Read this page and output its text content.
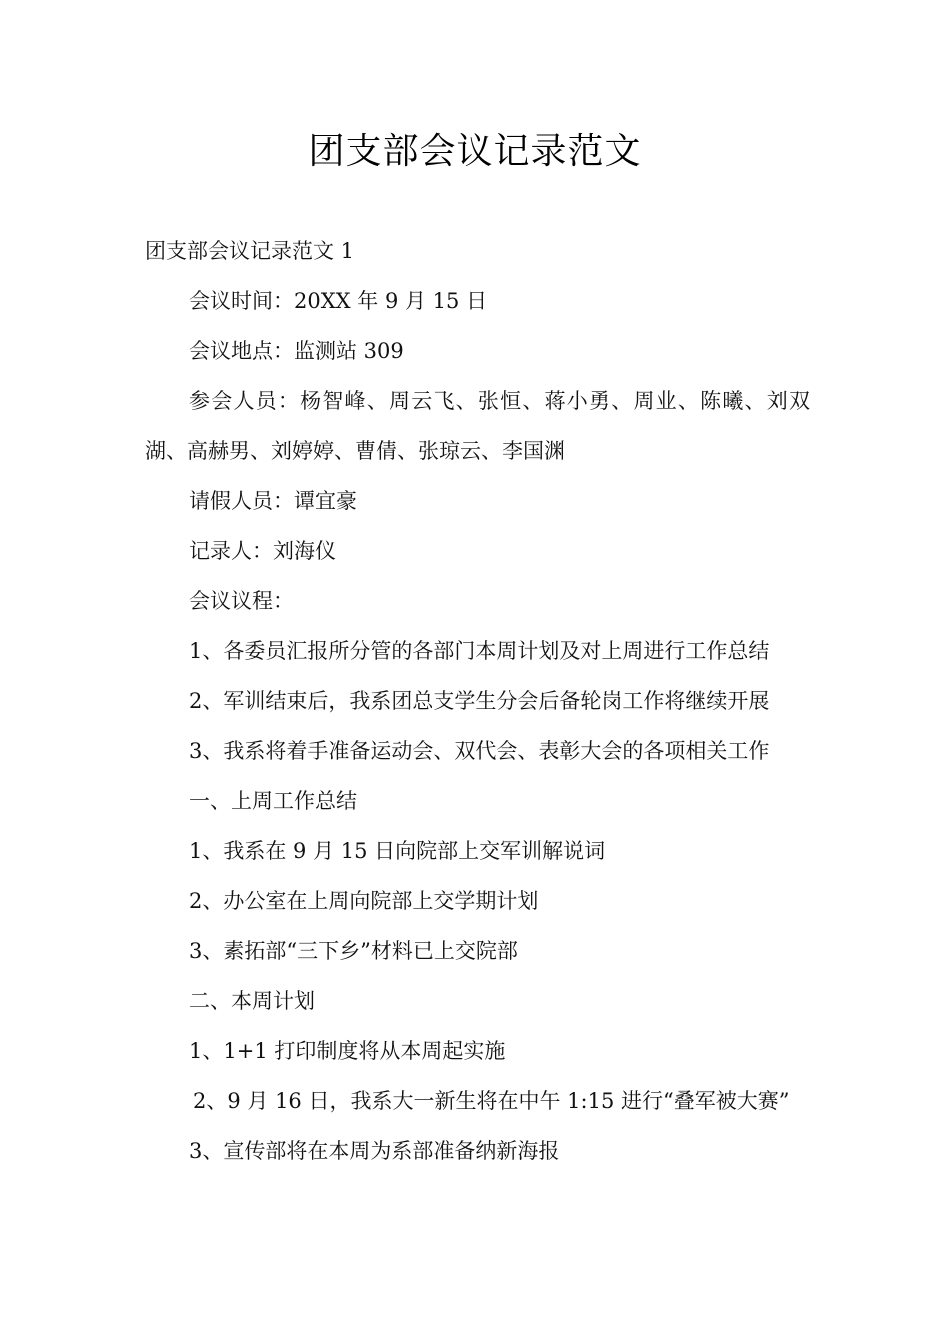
团支部会议记录范文

团支部会议记录范文 1

会议时间：20XX 年 9 月 15 日

会议地点：监测站 309

参会人员：杨智峰、周云飞、张恒、蒋小勇、周业、陈曦、刘双湖、高赫男、刘婷婷、曹倩、张琼云、李国渊

请假人员：谭宜豪

记录人：刘海仪

会议议程：

1、各委员汇报所分管的各部门本周计划及对上周进行工作总结

2、军训结束后，我系团总支学生分会后备轮岗工作将继续开展

3、我系将着手准备运动会、双代会、表彰大会的各项相关工作

一、上周工作总结

1、我系在 9 月 15 日向院部上交军训解说词

2、办公室在上周向院部上交学期计划

3、素拓部“三下乡”材料已上交院部

二、本周计划

1、1+1 打印制度将从本周起实施

2、9 月 16 日，我系大一新生将在中午 1:15 进行“叠军被大赛”

3、宣传部将在本周为系部准备纳新海报
